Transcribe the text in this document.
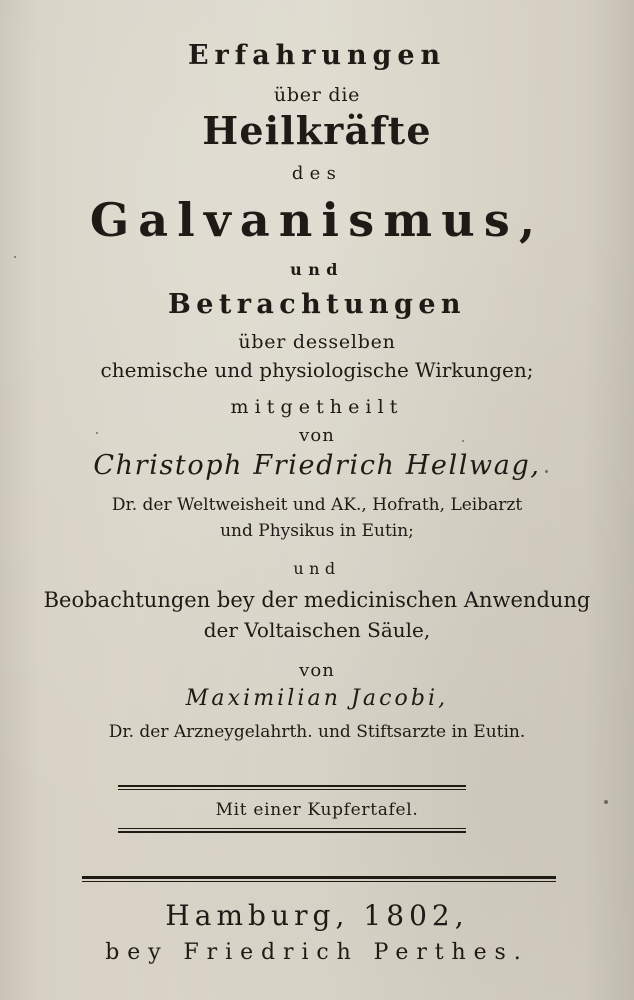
Erfahrungen
über die
Heilkräfte
des
Galvanismus,
und
Betrachtungen
über desselben
chemische und physiologische Wirkungen;
mitgetheilt
von
Christoph Friedrich Hellwag,
Dr. der Weltweisheit und AK., Hofrath, Leibarzt
und Physikus in Eutin;
und
Beobachtungen bey der medicinischen Anwendung
der Voltaischen Säule,
von
Maximilian Jacobi,
Dr. der Arzneygelahrth. und Stiftsarzte in Eutin.
Mit einer Kupfertafel.
Hamburg, 1802,
bey Friedrich Perthes.
